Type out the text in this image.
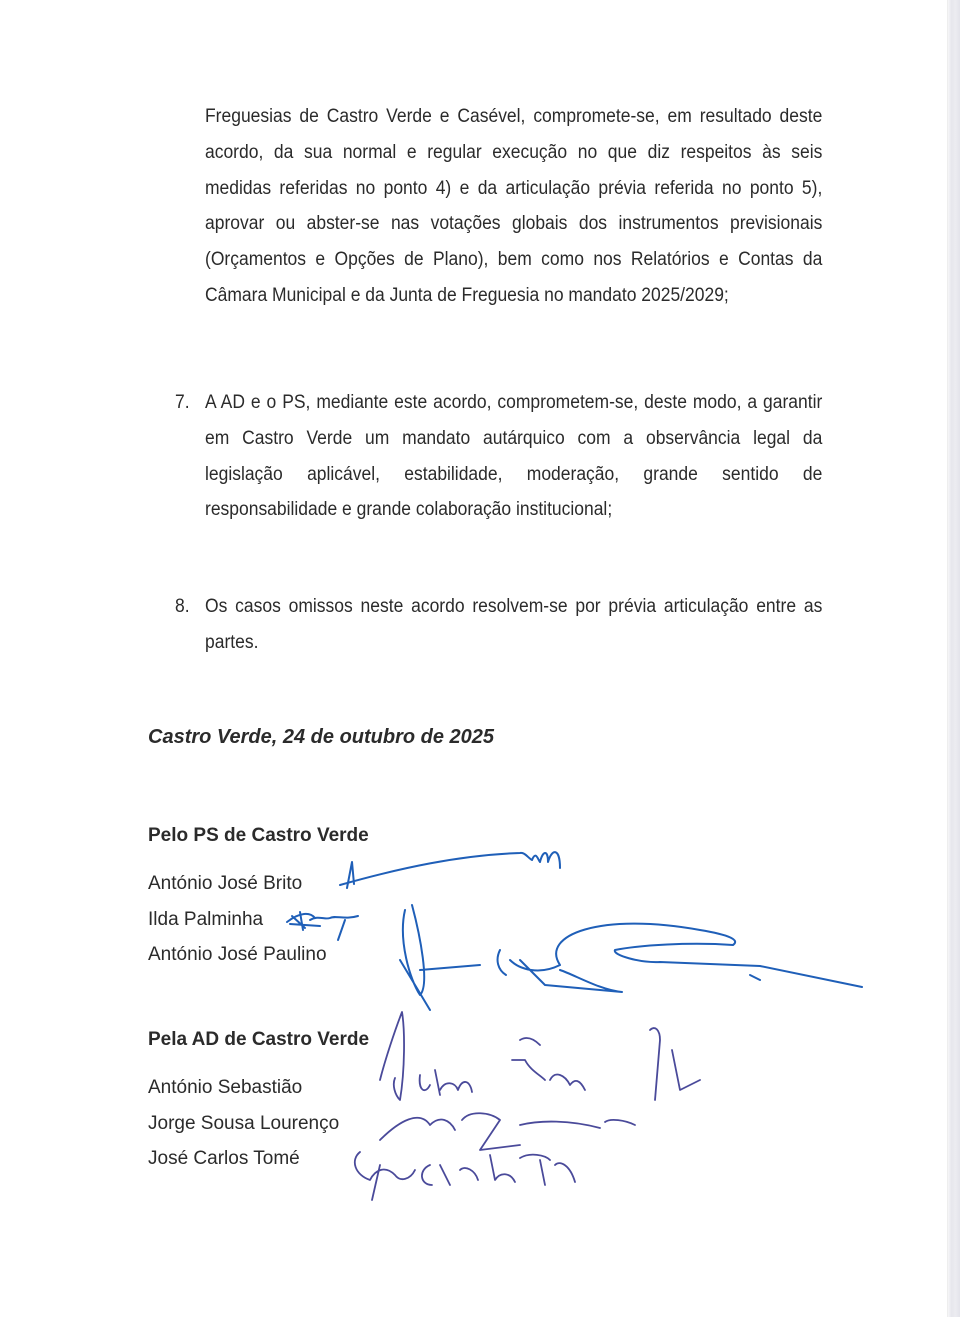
Freguesias de Castro Verde e Casével, compromete-se, em resultado deste acordo, da sua normal e regular execução no que diz respeitos às seis medidas referidas no ponto 4) e da articulação prévia referida no ponto 5), aprovar ou abster-se nas votações globais dos instrumentos previsionais (Orçamentos e Opções de Plano), bem como nos Relatórios e Contas da Câmara Municipal e da Junta de Freguesia no mandato 2025/2029;
7. A AD e o PS, mediante este acordo, comprometem-se, deste modo, a garantir em Castro Verde um mandato autárquico com a observância legal da legislação aplicável, estabilidade, moderação, grande sentido de responsabilidade e grande colaboração institucional;
8. Os casos omissos neste acordo resolvem-se por prévia articulação entre as partes.
Castro Verde, 24 de outubro de 2025
Pelo PS de Castro Verde
António José Brito
Ilda Palminha
António José Paulino
Pela AD de Castro Verde
António Sebastião
Jorge Sousa Lourenço
José Carlos Tomé
